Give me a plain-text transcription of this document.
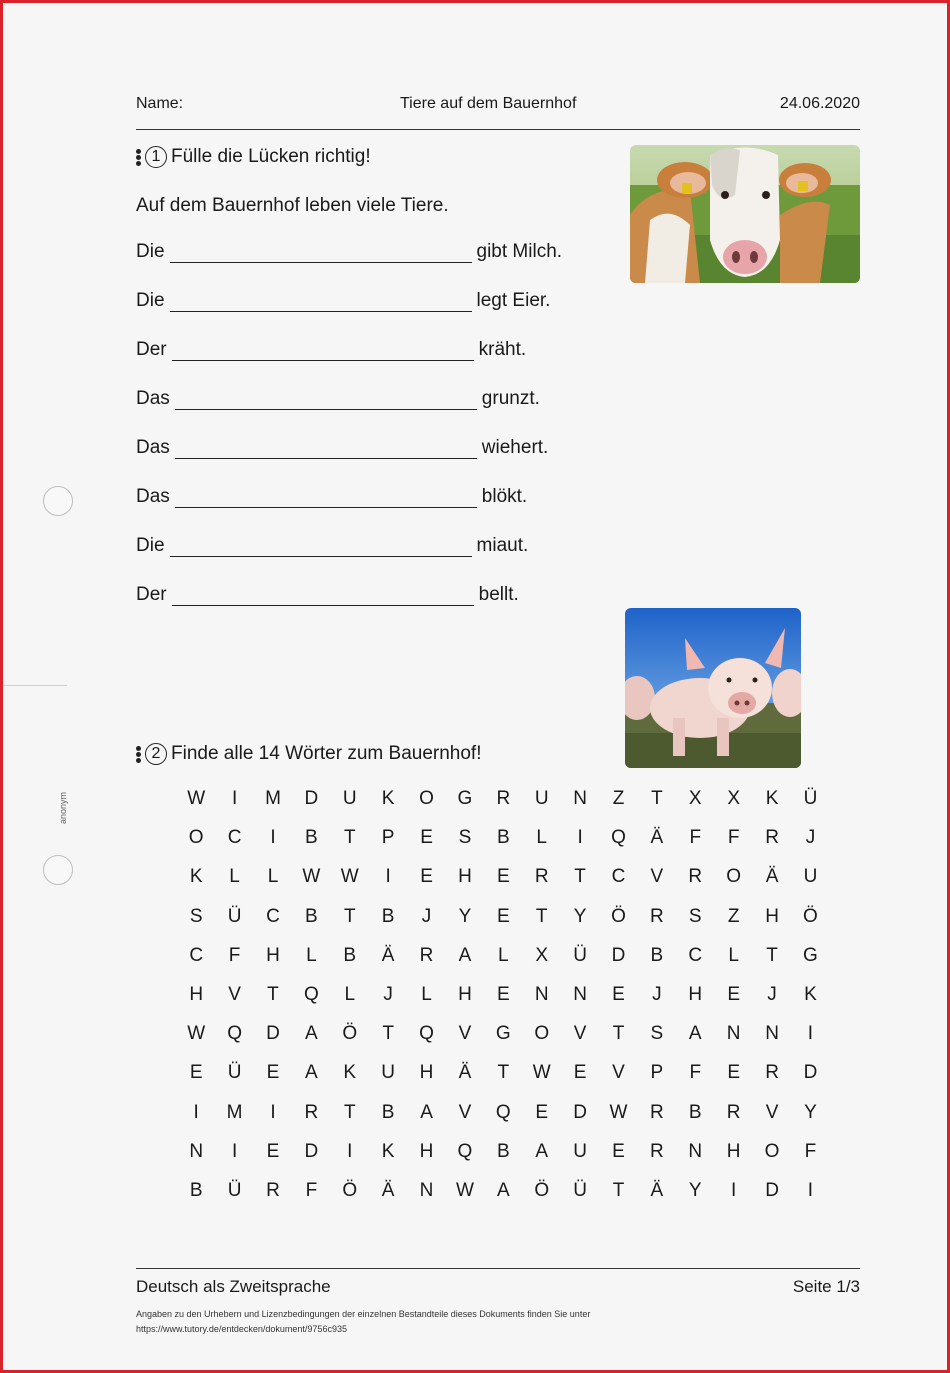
anonym
Name:	Tiere auf dem Bauernhof	24.06.2020
1 Fülle die Lücken richtig!
Auf dem Bauernhof leben viele Tiere.
Die	gibt Milch.
Die	legt Eier.
Der	kräht.
Das	grunzt.
Das	wiehert.
Das	blökt.
Die	miaut.
Der	bellt.
2 Finde alle 14 Wörter zum Bauernhof!
W	I	M	D	U	K	O	G	R	U	N	Z	T	X	X	K	Ü
O	C	I	B	T	P	E	S	B	L	I	Q	Ä	F	F	R	J
K	L	L	W	W	I	E	H	E	R	T	C	V	R	O	Ä	U
S	Ü	C	B	T	B	J	Y	E	T	Y	Ö	R	S	Z	H	Ö
C	F	H	L	B	Ä	R	A	L	X	Ü	D	B	C	L	T	G
H	V	T	Q	L	J	L	H	E	N	N	E	J	H	E	J	K
W	Q	D	A	Ö	T	Q	V	G	O	V	T	S	A	N	N	I
E	Ü	E	A	K	U	H	Ä	T	W	E	V	P	F	E	R	D
I	M	I	R	T	B	A	V	Q	E	D	W	R	B	R	V	Y
N	I	E	D	I	K	H	Q	B	A	U	E	R	N	H	O	F
B	Ü	R	F	Ö	Ä	N	W	A	Ö	Ü	T	Ä	Y	I	D	I
Deutsch als Zweitsprache	Seite 1/3
Angaben zu den Urhebern und Lizenzbedingungen der einzelnen Bestandteile dieses Dokuments finden Sie unter
https://www.tutory.de/entdecken/dokument/9756c935
